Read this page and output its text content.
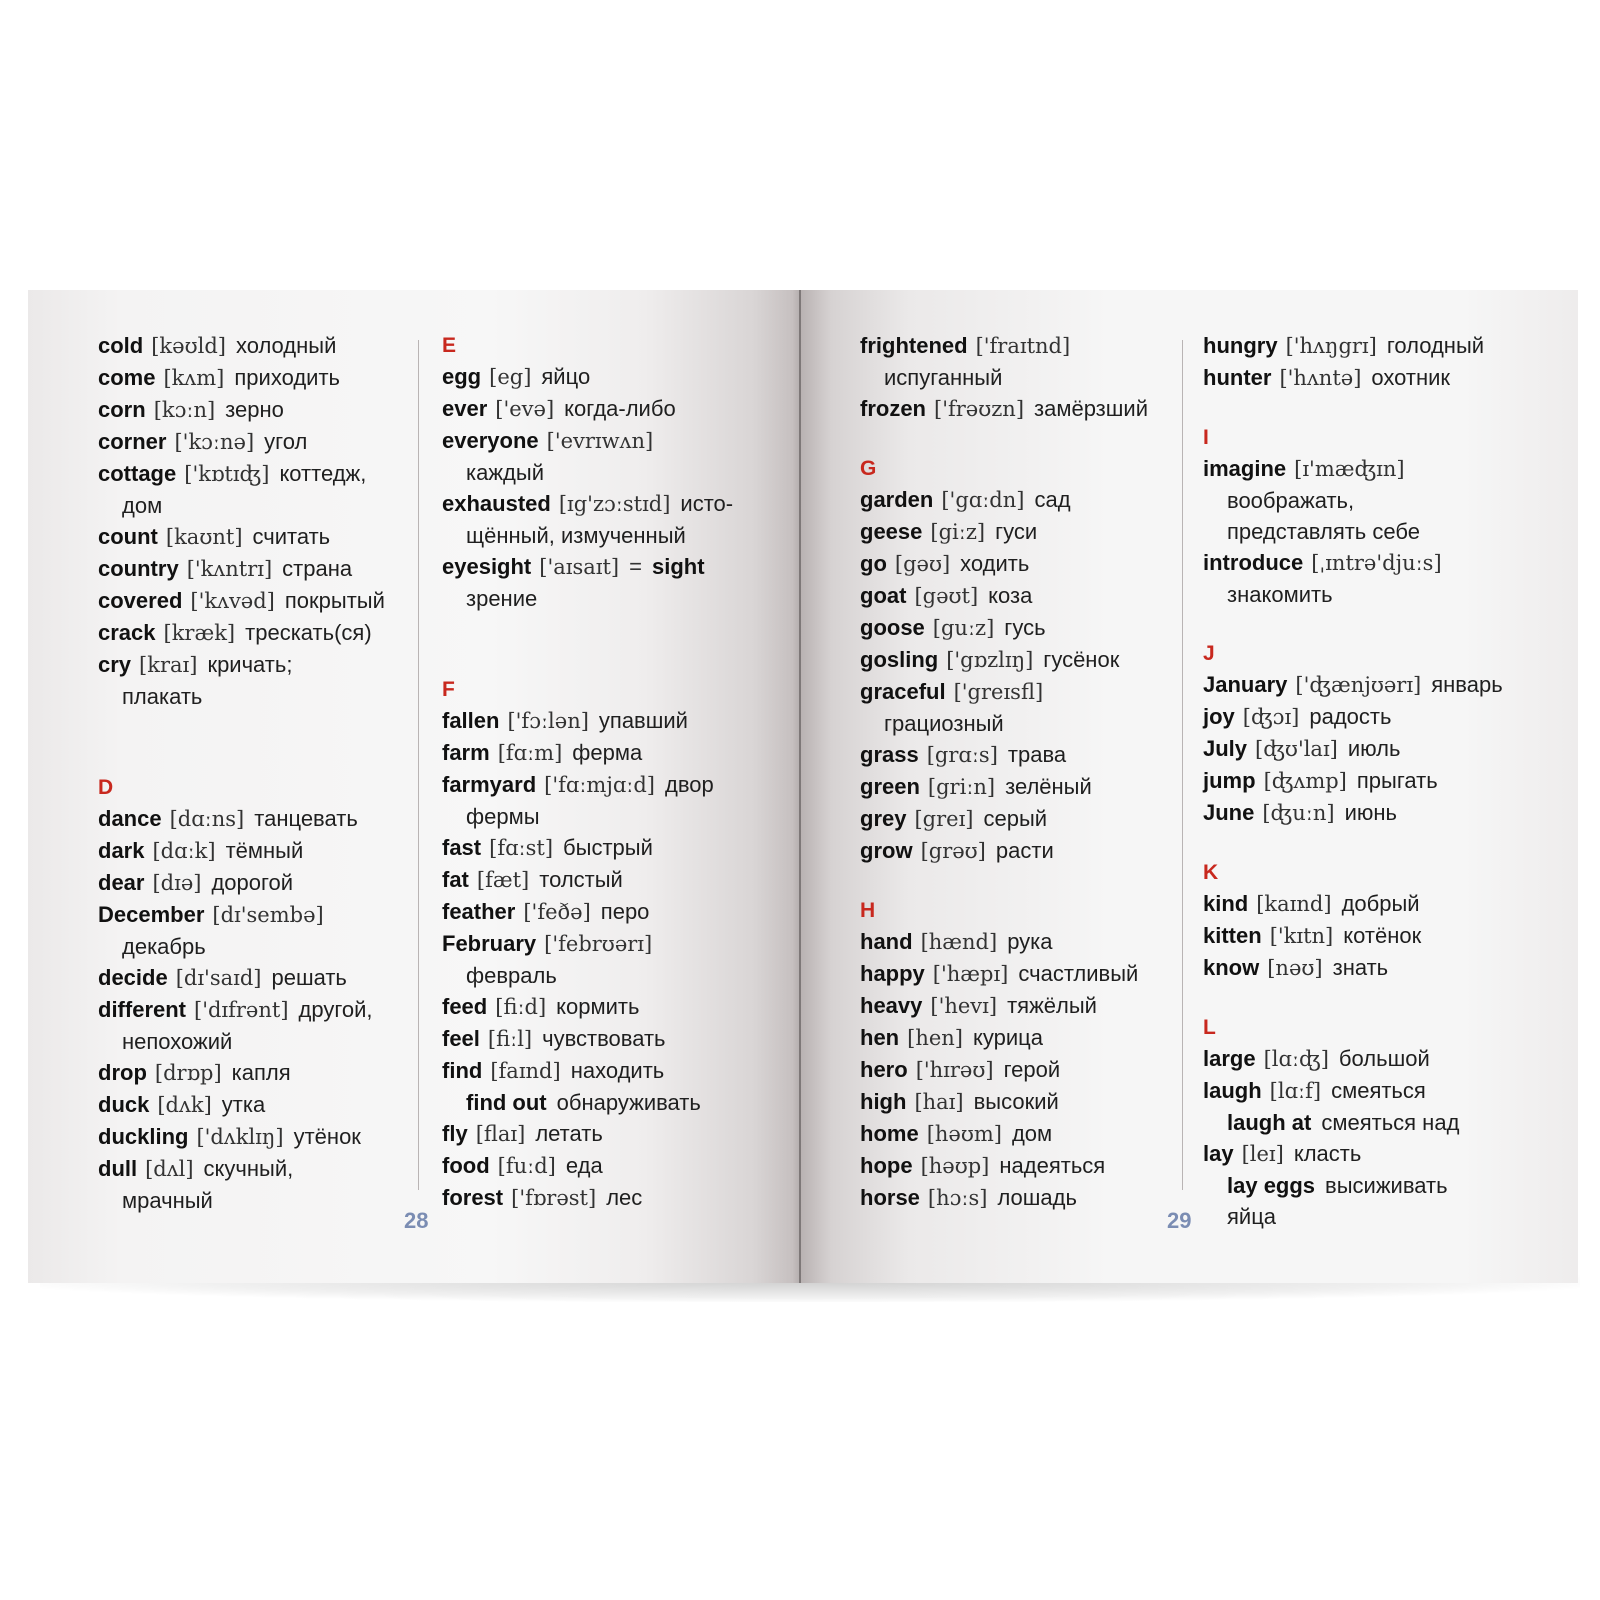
cold [kəʊld] холодный
come [kʌm] приходить
corn [kɔːn] зерно
corner ['kɔːnə] угол
cottage ['kɒtɪʤ] коттедж,
дом
count [kaʊnt] считать
country ['kʌntrɪ] страна
covered ['kʌvəd] покрытый
crack [kræk] трескать(ся)
cry [kraɪ] кричать;
плакать
D
dance [dɑːns] танцевать
dark [dɑːk] тёмный
dear [dɪə] дорогой
December [dɪ'sembə]
декабрь
decide [dɪ'saɪd] решать
different ['dɪfrənt] другой,
непохожий
drop [drɒp] капля
duck [dʌk] утка
duckling ['dʌklɪŋ] утёнок
dull [dʌl] скучный,
мрачный
E
egg [eg] яйцо
ever ['evə] когда-либо
everyone ['evrɪwʌn]
каждый
exhausted [ɪg'zɔːstɪd] исто-
щённый, измученный
eyesight ['aɪsaɪt] = sight
зрение
F
fallen ['fɔːlən] упавший
farm [fɑːm] ферма
farmyard ['fɑːmjɑːd] двор
фермы
fast [fɑːst] быстрый
fat [fæt] толстый
feather ['feðə] перо
February ['febrʊərɪ]
февраль
feed [fiːd] кормить
feel [fiːl] чувствовать
find [faɪnd] находить
find out обнаруживать
fly [flaɪ] летать
food [fuːd] еда
forest ['fɒrəst] лес
frightened ['fraɪtnd]
испуганный
frozen ['frəʊzn] замёрзший
G
garden ['gɑːdn] сад
geese [giːz] гуси
go [gəʊ] ходить
goat [gəʊt] коза
goose [guːz] гусь
gosling ['gɒzlɪŋ] гусёнок
graceful ['greɪsfl]
грациозный
grass [grɑːs] трава
green [griːn] зелёный
grey [greɪ] серый
grow [grəʊ] расти
H
hand [hænd] рука
happy ['hæpɪ] счастливый
heavy ['hevɪ] тяжёлый
hen [hen] курица
hero ['hɪrəʊ] герой
high [haɪ] высокий
home [həʊm] дом
hope [həʊp] надеяться
horse [hɔːs] лошадь
hungry ['hʌŋgrɪ] голодный
hunter ['hʌntə] охотник
I
imagine [ɪ'mæʤɪn]
воображать,
представлять себе
introduce [ˌɪntrə'djuːs]
знакомить
J
January ['ʤænjʊərɪ] январь
joy [ʤɔɪ] радость
July [ʤʊ'laɪ] июль
jump [ʤʌmp] прыгать
June [ʤuːn] июнь
K
kind [kaɪnd] добрый
kitten ['kɪtn] котёнок
know [nəʊ] знать
L
large [lɑːʤ] большой
laugh [lɑːf] смеяться
laugh at смеяться над
lay [leɪ] класть
lay eggs высиживать
яйца
28	29
